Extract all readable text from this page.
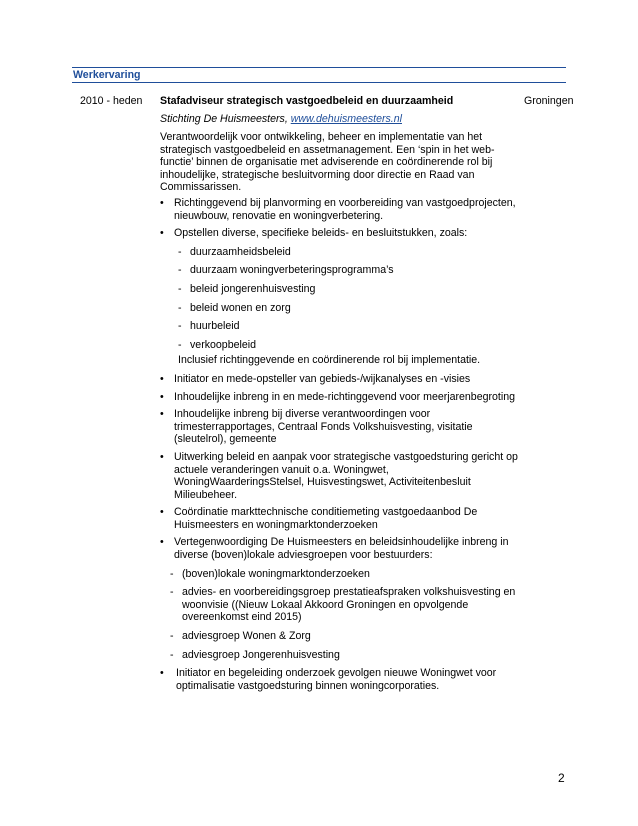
Werkervaring
2010 - heden Stafadviseur strategisch vastgoedbeleid en duurzaamheid	Groningen
Stichting De Huismeesters, www.dehuismeesters.nl
Verantwoordelijk voor ontwikkeling, beheer en implementatie van het strategisch vastgoedbeleid en assetmanagement. Een ‘spin in het web-functie’ binnen de organisatie met adviserende en coördinerende rol bij inhoudelijke, strategische besluitvorming door directie en Raad van Commissarissen.
• Richtinggevend bij planvorming en voorbereiding van vastgoedprojecten, nieuwbouw, renovatie en woningverbetering.
• Opstellen diverse, specifieke beleids- en besluitstukken, zoals:
- duurzaamheidsbeleid
- duurzaam woningverbeteringsprogramma’s
- beleid jongerenhuisvesting
- beleid wonen en zorg
- huurbeleid
- verkoopbeleid
Inclusief richtinggevende en coördinerende rol bij implementatie.
• Initiator en mede-opsteller van gebieds-/wijkanalyses en -visies
• Inhoudelijke inbreng in en mede-richtinggevend voor meerjarenbegroting
• Inhoudelijke inbreng bij diverse verantwoordingen voor trimesterrapportages, Centraal Fonds Volkshuisvesting, visitatie (sleutelrol), gemeente
• Uitwerking beleid en aanpak voor strategische vastgoedsturing gericht op actuele veranderingen vanuit o.a. Woningwet, WoningWaarderingsStelsel, Huisvestingswet, Activiteitenbesluit Milieubeheer.
• Coördinatie markttechnische conditiemeting vastgoedaanbod De Huismeesters en woningmarktonderzoeken
• Vertegenwoordiging De Huismeesters en beleidsinhoudelijke inbreng in diverse (boven)lokale adviesgroepen voor bestuurders:
- (boven)lokale woningmarktonderzoeken
- advies- en voorbereidingsgroep prestatieafspraken volkshuisvesting en woonvisie ((Nieuw Lokaal Akkoord Groningen en opvolgende overeenkomst eind 2015)
- adviesgroep Wonen & Zorg
- adviesgroep Jongerenhuisvesting
• Initiator en begeleiding onderzoek gevolgen nieuwe Woningwet voor optimalisatie vastgoedsturing binnen woningcorporaties.
2
